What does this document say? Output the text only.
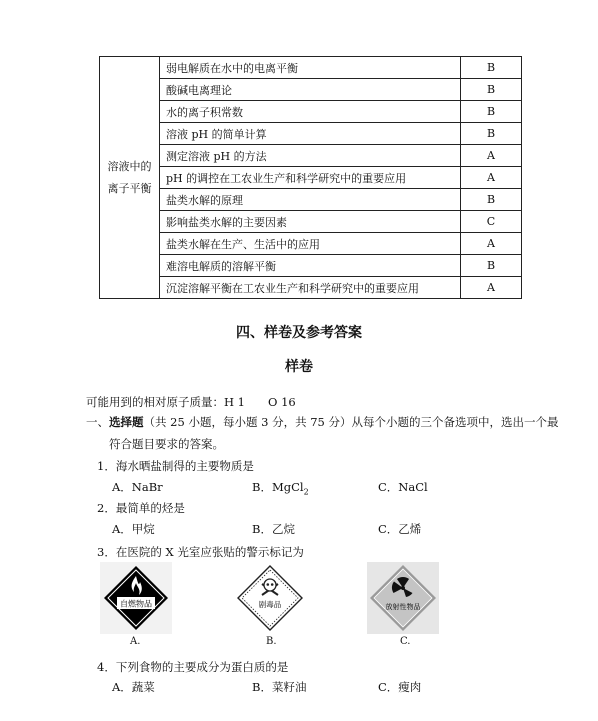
溶液中的
离子平衡	弱电解质在水中的电离平衡	B
	酸碱电离理论	B
	水的离子积常数	B
	溶液 pH 的简单计算	B
	测定溶液 pH 的方法	A
	pH 的调控在工农业生产和科学研究中的重要应用	A
	盐类水解的原理	B
	影响盐类水解的主要因素	C
	盐类水解在生产、生活中的应用	A
	难溶电解质的溶解平衡	B
	沉淀溶解平衡在工农业生产和科学研究中的重要应用	A
四、样卷及参考答案
样卷
可能用到的相对原子质量：H 1　　O 16
一、选择题（共 25 小题，每小题 3 分，共 75 分）从每个小题的三个备选项中，选出一个最
符合题目要求的答案。
1．海水晒盐制得的主要物质是
A．NaBr	B．MgCl$_2$	C．NaCl
2．最简单的烃是
A．甲烷	B．乙烷	C．乙烯
3．在医院的 X 光室应张贴的警示标记为
自燃物品
A.
剧毒品
B.
放射性物品
C.
4．下列食物的主要成分为蛋白质的是
A．蔬菜	B．菜籽油	C．瘦肉
